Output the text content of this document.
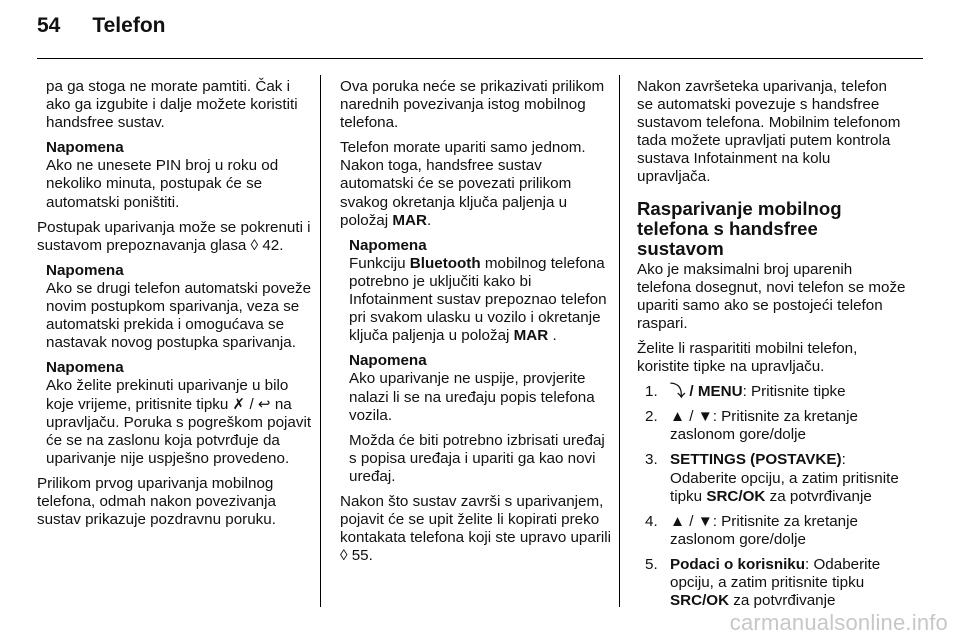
54 Telefon

pa ga stoga ne morate pamtiti. Čak i ako ga izgubite i dalje možete koristiti handsfree sustav.

Napomena
Ako ne unesete PIN broj u roku od nekoliko minuta, postupak će se automatski poništiti.

Postupak uparivanja može se pokrenuti i sustavom prepoznavanja glasa ◊ 42.

Napomena
Ako se drugi telefon automatski poveže novim postupkom sparivanja, veza se automatski prekida i omogućava se nastavak novog postupka sparivanja.

Napomena
Ako želite prekinuti uparivanje u bilo koje vrijeme, pritisnite tipku ✗ / ↩ na upravljaču. Poruka s pogreškom pojavit će se na zaslonu koja potvrđuje da uparivanje nije uspješno provedeno.

Prilikom prvog uparivanja mobilnog telefona, odmah nakon povezivanja sustav prikazuje pozdravnu poruku.

Ova poruka neće se prikazivati prilikom narednih povezivanja istog mobilnog telefona.

Telefon morate upariti samo jednom. Nakon toga, handsfree sustav automatski će se povezati prilikom svakog okretanja ključa paljenja u položaj MAR.

Napomena
Funkciju Bluetooth mobilnog telefona potrebno je uključiti kako bi Infotainment sustav prepoznao telefon pri svakom ulasku u vozilo i okretanje ključa paljenja u položaj MAR .

Napomena
Ako uparivanje ne uspije, provjerite nalazi li se na uređaju popis telefona vozila.

Možda će biti potrebno izbrisati uređaj s popisa uređaja i upariti ga kao novi uređaj.

Nakon što sustav završi s uparivanjem, pojavit će se upit želite li kopirati preko kontakata telefona koji ste upravo uparili ◊ 55.

Nakon završeteka uparivanja, telefon se automatski povezuje s handsfree sustavom telefona. Mobilnim telefonom tada možete upravljati putem kontrola sustava Infotainment na kolu upravljača.

Rasparivanje mobilnog telefona s handsfree sustavom

Ako je maksimalni broj uparenih telefona dosegnut, novi telefon se može upariti samo ako se postojeći telefon raspari.

Želite li rasparititi mobilni telefon, koristite tipke na upravljaču.

1. ⤵ / MENU: Pritisnite tipke
2. ▲ / ▼: Pritisnite za kretanje zaslonom gore/dolje
3. SETTINGS (POSTAVKE): Odaberite opciju, a zatim pritisnite tipku SRC/OK za potvrđivanje
4. ▲ / ▼: Pritisnite za kretanje zaslonom gore/dolje
5. Podaci o korisniku: Odaberite opciju, a zatim pritisnite tipku SRC/OK za potvrđivanje
carmanualsonline.info
